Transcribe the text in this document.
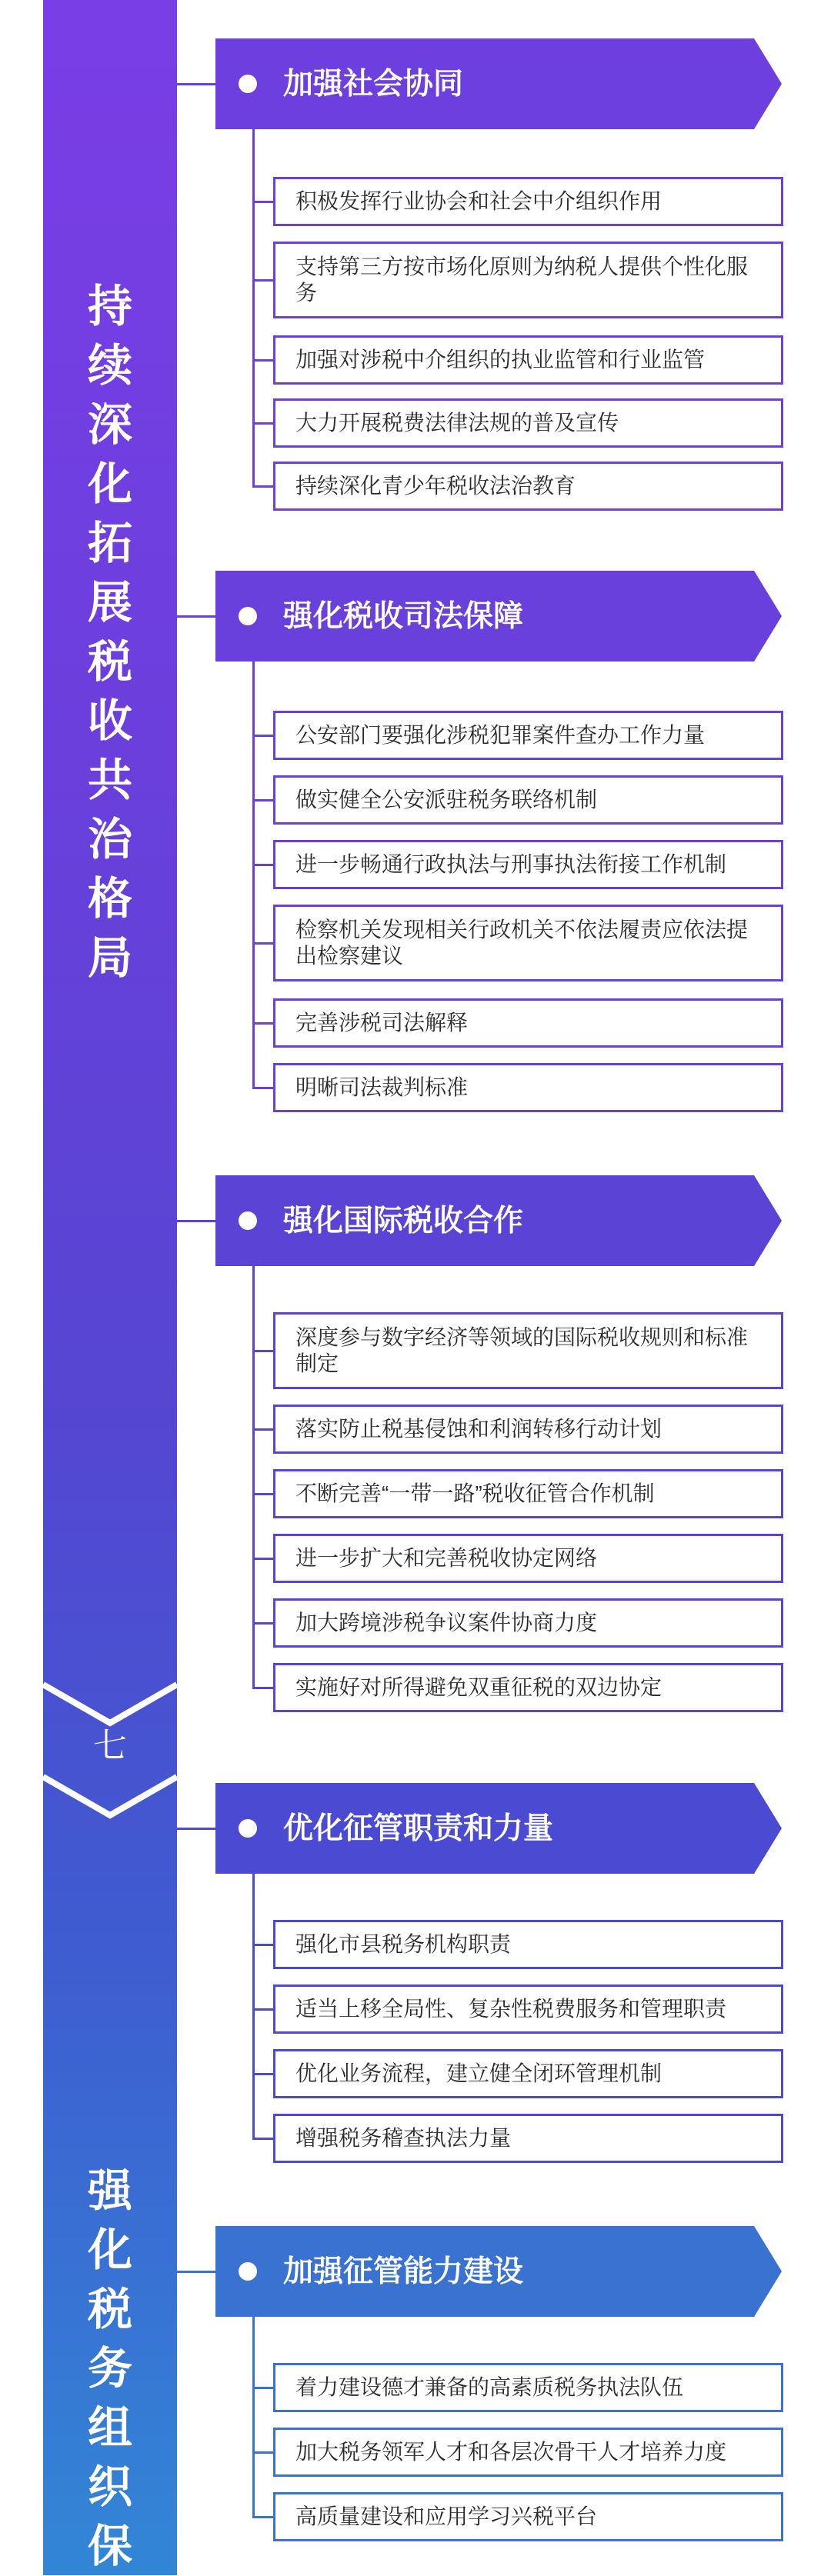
持
续
深
化
拓
展
税
收
共
治
格
局
强
化
税
务
组
织
保
七
加强社会协同
积极发挥行业协会和社会中介组织作用
支持第三方按市场化原则为纳税人提供个性化服务
加强对涉税中介组织的执业监管和行业监管
大力开展税费法律法规的普及宣传
持续深化青少年税收法治教育
强化税收司法保障
公安部门要强化涉税犯罪案件查办工作力量
做实健全公安派驻税务联络机制
进一步畅通行政执法与刑事执法衔接工作机制
检察机关发现相关行政机关不依法履责应依法提出检察建议
完善涉税司法解释
明晰司法裁判标准
强化国际税收合作
深度参与数字经济等领域的国际税收规则和标准制定
落实防止税基侵蚀和利润转移行动计划
不断完善“一带一路”税收征管合作机制
进一步扩大和完善税收协定网络
加大跨境涉税争议案件协商力度
实施好对所得避免双重征税的双边协定
优化征管职责和力量
强化市县税务机构职责
适当上移全局性、复杂性税费服务和管理职责
优化业务流程，建立健全闭环管理机制
增强税务稽查执法力量
加强征管能力建设
着力建设德才兼备的高素质税务执法队伍
加大税务领军人才和各层次骨干人才培养力度
高质量建设和应用学习兴税平台
